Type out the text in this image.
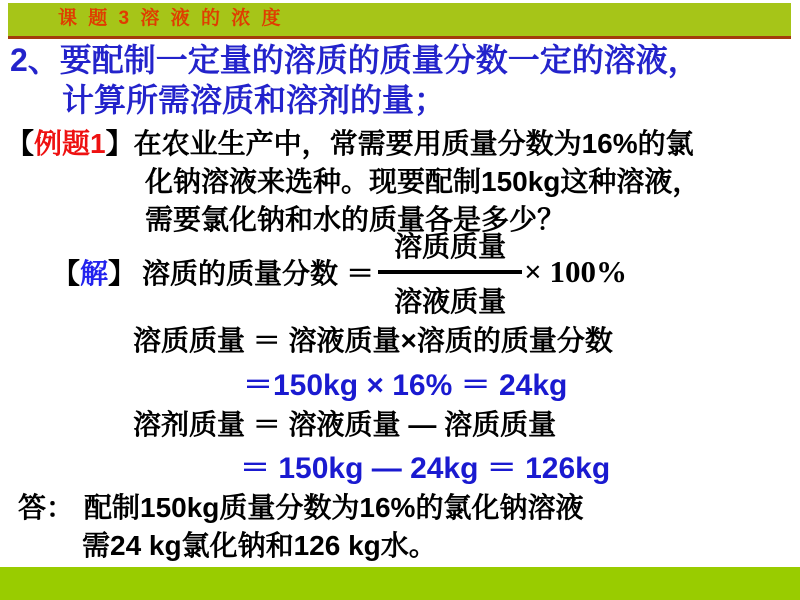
课 题 3 溶 液 的 浓 度
2、要配制一定量的溶质的质量分数一定的溶液，
计算所需溶质和溶剂的量；
【例题1】在农业生产中，常需要用质量分数为16%的氯
化钠溶液来选种。现要配制150kg这种溶液，
需要氯化钠和水的质量各是多少？
【 解 】 溶质的质量分数 ＝ $\frac{\text{溶质质量}}{\text{溶液质量}} \times 100\%$
溶质质量 ＝ 溶液质量×溶质的质量分数
＝150kg × 16% ＝ 24kg
溶剂质量 ＝ 溶液质量 — 溶质质量
＝ 150kg — 24kg ＝ 126kg
答： 配制150kg质量分数为16%的氯化钠溶液
需24 kg氯化钠和126 kg水。
